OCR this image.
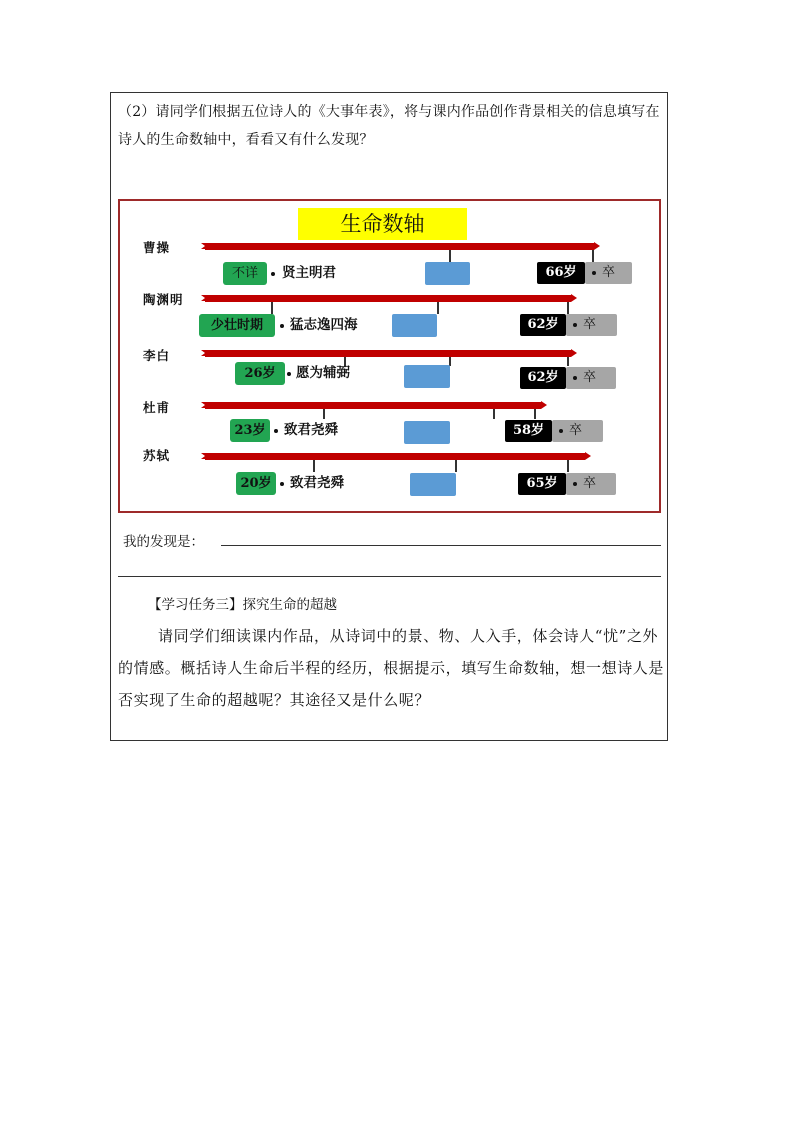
（2）请同学们根据五位诗人的《大事年表》，将与课内作品创作背景相关的信息填写在诗人的生命数轴中，看看又有什么发现？
生命数轴
曹操
不详	贤主明君	66岁	卒
陶渊明
少壮时期	猛志逸四海	62岁	卒
李白
26岁	愿为辅弼	62岁	卒
杜甫
23岁	致君尧舜	58岁	卒
苏轼
20岁	致君尧舜	65岁	卒
我的发现是：
【学习任务三】探究生命的超越
请同学们细读课内作品，从诗词中的景、物、人入手，体会诗人“忧”之外的情感。概括诗人生命后半程的经历，根据提示，填写生命数轴，想一想诗人是否实现了生命的超越呢？其途径又是什么呢？
